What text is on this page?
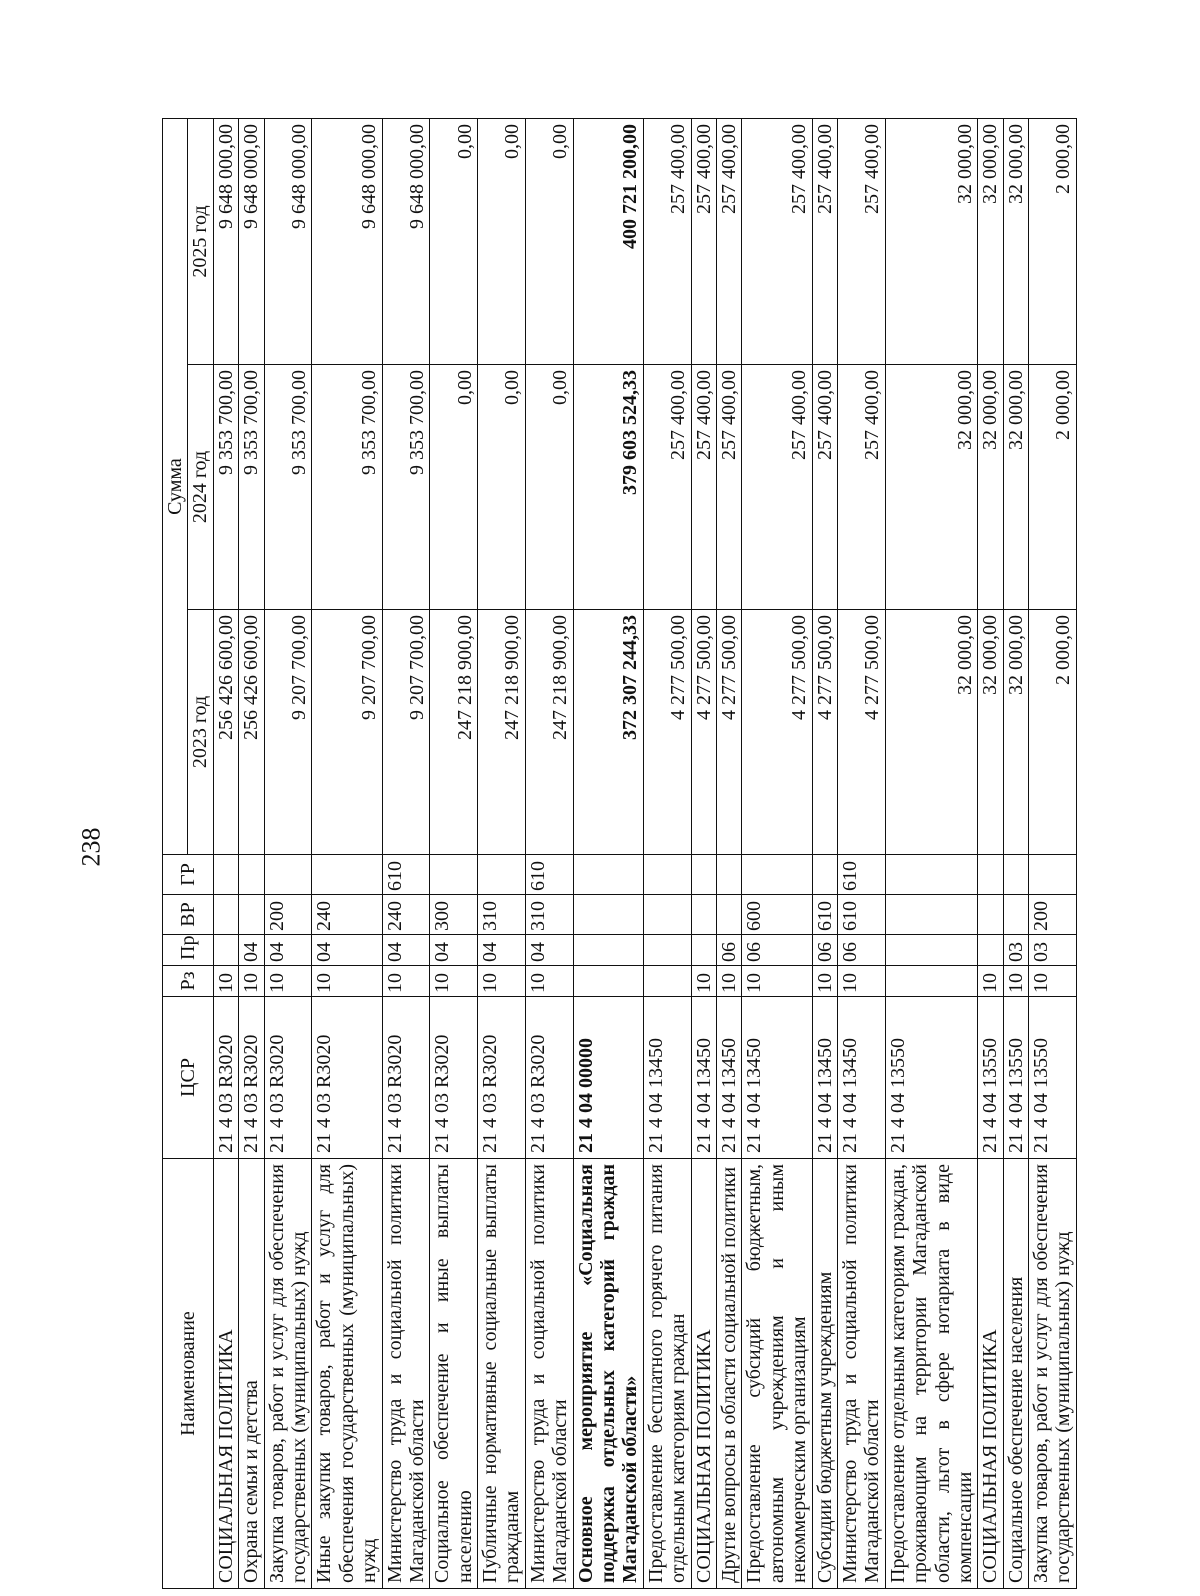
238
Наименование	ЦСР	Рз	Пр	ВР	ГР	Сумма		
						2023 год	2024 год	2025 год
СОЦИАЛЬНАЯ ПОЛИТИКА	21 4 03 R3020	10				256 426 600,00	9 353 700,00	9 648 000,00
Охрана семьи и детства	21 4 03 R3020	10	04			256 426 600,00	9 353 700,00	9 648 000,00
Закупка товаров, работ и услуг для обеспечения государственных (муниципальных) нужд	21 4 03 R3020	10	04	200		9 207 700,00	9 353 700,00	9 648 000,00
Иные закупки товаров, работ и услуг для обеспечения государственных (муниципальных) нужд	21 4 03 R3020	10	04	240		9 207 700,00	9 353 700,00	9 648 000,00
Министерство труда и социальной политики Магаданской области	21 4 03 R3020	10	04	240	610	9 207 700,00	9 353 700,00	9 648 000,00
Социальное обеспечение и иные выплаты населению	21 4 03 R3020	10	04	300		247 218 900,00	0,00	0,00
Публичные нормативные социальные выплаты гражданам	21 4 03 R3020	10	04	310		247 218 900,00	0,00	0,00
Министерство труда и социальной политики Магаданской области	21 4 03 R3020	10	04	310	610	247 218 900,00	0,00	0,00
Основное мероприятие «Социальная поддержка отдельных категорий граждан Магаданской области»	21 4 04 00000					372 307 244,33	379 603 524,33	400 721 200,00
Предоставление бесплатного горячего питания отдельным категориям граждан	21 4 04 13450					4 277 500,00	257 400,00	257 400,00
СОЦИАЛЬНАЯ ПОЛИТИКА	21 4 04 13450	10				4 277 500,00	257 400,00	257 400,00
Другие вопросы в области социальной политики	21 4 04 13450	10	06			4 277 500,00	257 400,00	257 400,00
Предоставление субсидий бюджетным, автономным учреждениям и иным некоммерческим организациям	21 4 04 13450	10	06	600		4 277 500,00	257 400,00	257 400,00
Субсидии бюджетным учреждениям	21 4 04 13450	10	06	610		4 277 500,00	257 400,00	257 400,00
Министерство труда и социальной политики Магаданской области	21 4 04 13450	10	06	610	610	4 277 500,00	257 400,00	257 400,00
Предоставление отдельным категориям граждан, проживающим на территории Магаданской области, льгот в сфере нотариата в виде компенсации	21 4 04 13550					32 000,00	32 000,00	32 000,00
СОЦИАЛЬНАЯ ПОЛИТИКА	21 4 04 13550	10				32 000,00	32 000,00	32 000,00
Социальное обеспечение населения	21 4 04 13550	10	03			32 000,00	32 000,00	32 000,00
Закупка товаров, работ и услуг для обеспечения государственных (муниципальных) нужд	21 4 04 13550	10	03	200		2 000,00	2 000,00	2 000,00
